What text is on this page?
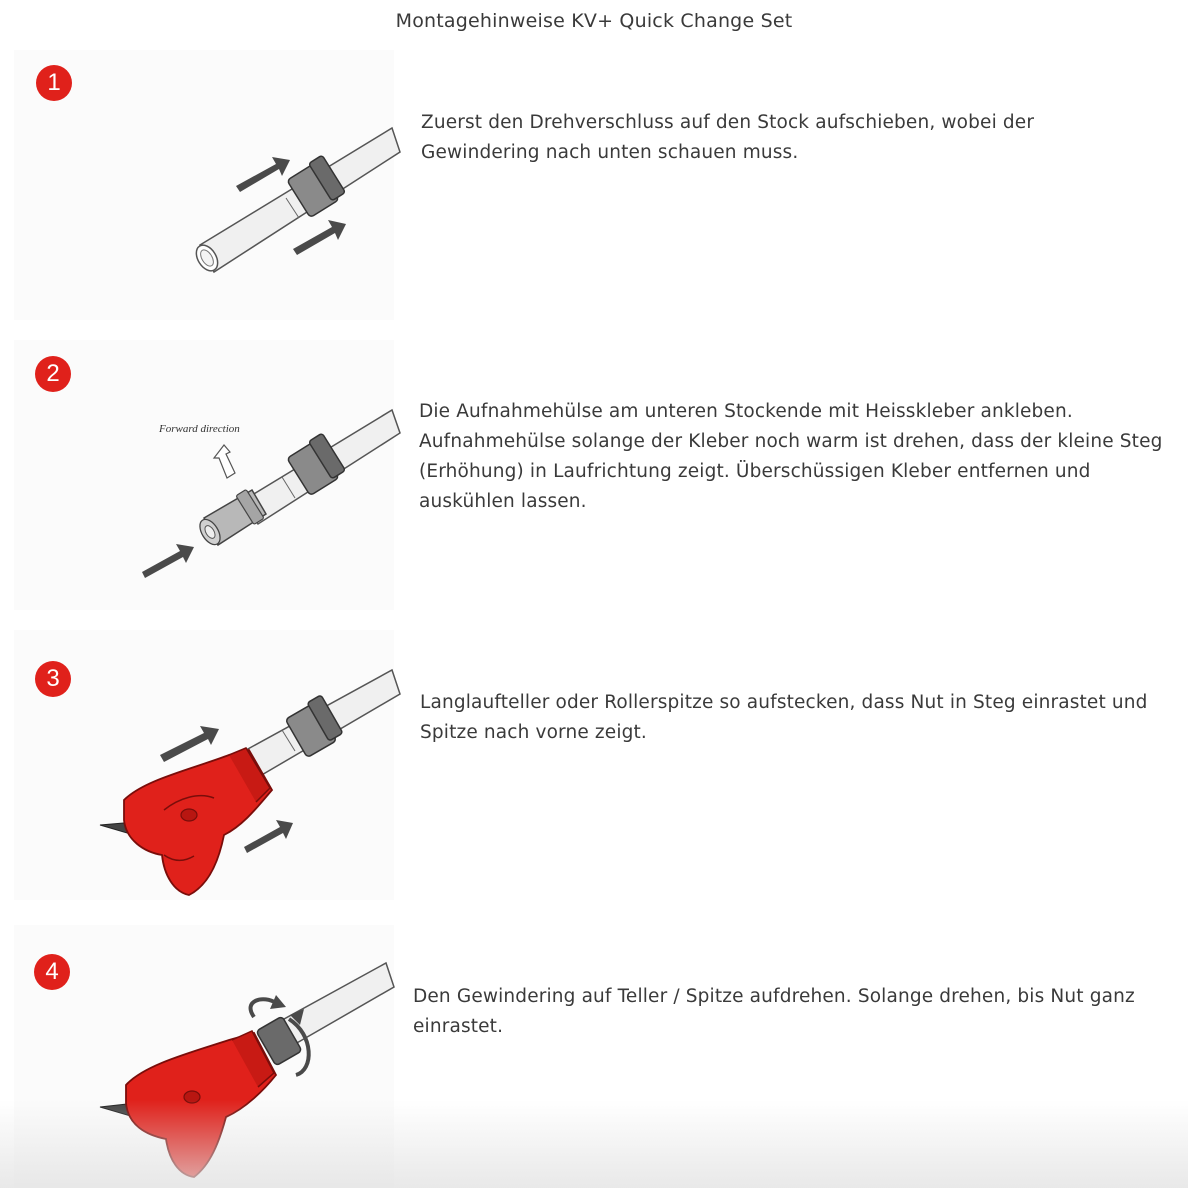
Montagehinweise KV+ Quick Change Set
1

Zuerst den Drehverschluss auf den Stock aufschieben, wobei der Gewindering nach unten schauen muss.

Forward direction
2

Die Aufnahmehülse am unteren Stockende mit Heisskleber ankleben. Aufnahmehülse solange der Kleber noch warm ist drehen, dass der kleine Steg (Erhöhung) in Laufrichtung zeigt. Überschüssigen Kleber entfernen und auskühlen lassen.

3

Langlaufteller oder Rollerspitze so aufstecken, dass Nut in Steg einrastet und Spitze nach vorne zeigt.

4

Den Gewindering auf Teller / Spitze aufdrehen. Solange drehen, bis Nut ganz einrastet.
